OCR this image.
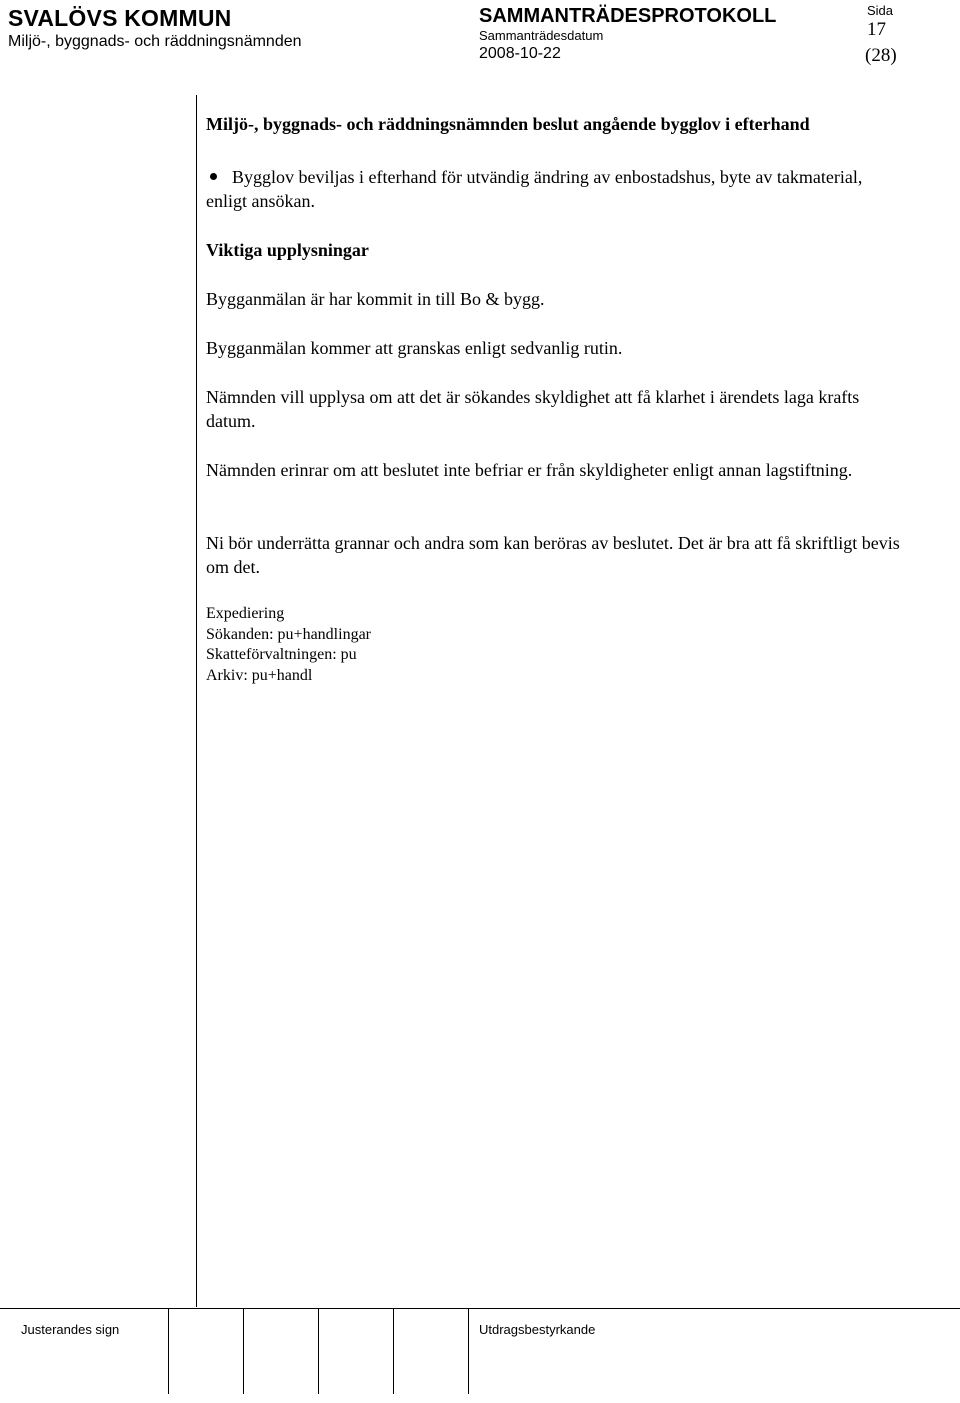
SVALÖVS KOMMUN
Miljö-, byggnads- och räddningsnämnden
SAMMANTRÄDESPROTOKOLL
Sammanträdesdatum
2008-10-22
Sida
17
(28)
Miljö-, byggnads- och räddningsnämnden beslut angående bygglov i efterhand
Bygglov beviljas i efterhand för utvändig ändring av enbostadshus, byte av takmaterial, enligt ansökan.
Viktiga upplysningar
Bygganmälan är har kommit in till Bo & bygg.
Bygganmälan kommer att granskas enligt sedvanlig rutin.
Nämnden vill upplysa om att det är sökandes skyldighet att få klarhet i ärendets laga krafts datum.
Nämnden erinrar om att beslutet inte befriar er från skyldigheter enligt annan lagstiftning.
Ni bör underrätta grannar och andra som kan beröras av beslutet. Det är bra att få skriftligt bevis om det.
Expediering
Sökanden: pu+handlingar
Skatteförvaltningen: pu
Arkiv: pu+handl
Justerandes sign	Utdragsbestyrkande
